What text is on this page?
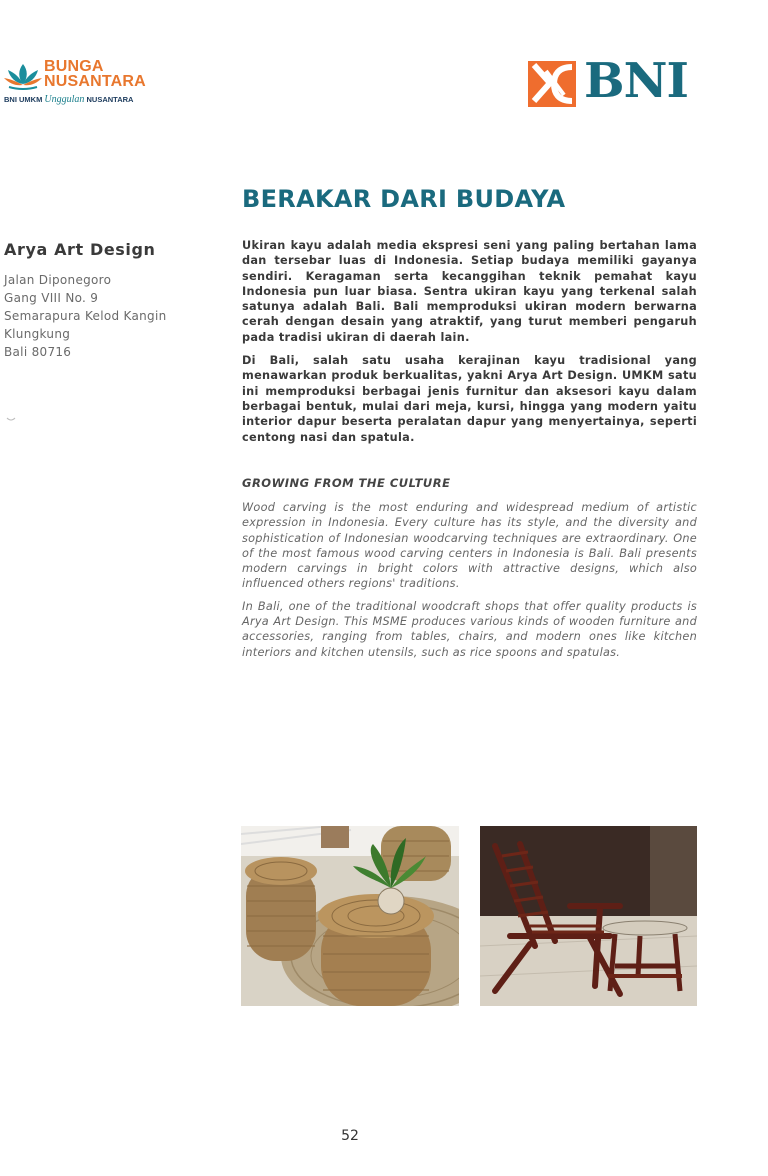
BUNGA
NUSANTARA
BNI UMKM Unggulan NUSANTARA	BNI
Arya Art Design
Jalan Diponegoro
Gang VIII No. 9
Semarapura Kelod Kangin
Klungkung
Bali 80716
BERAKAR DARI BUDAYA

Ukiran kayu adalah media ekspresi seni yang paling bertahan lama dan tersebar luas di Indonesia. Setiap budaya memiliki gayanya sendiri. Keragaman serta kecanggihan teknik pemahat kayu Indonesia pun luar biasa. Sentra ukiran kayu yang terkenal salah satunya adalah Bali. Bali memproduksi ukiran modern berwarna cerah dengan desain yang atraktif, yang turut memberi pengaruh pada tradisi ukiran di daerah lain.

Di Bali, salah satu usaha kerajinan kayu tradisional yang menawarkan produk berkualitas, yakni Arya Art Design. UMKM satu ini memproduksi berbagai jenis furnitur dan aksesori kayu dalam berbagai bentuk, mulai dari meja, kursi, hingga yang modern yaitu interior dapur beserta peralatan dapur yang menyertainya, seperti centong nasi dan spatula.

GROWING FROM THE CULTURE

Wood carving is the most enduring and widespread medium of artistic expression in Indonesia. Every culture has its style, and the diversity and sophistication of Indonesian woodcarving techniques are extraordinary. One of the most famous wood carving centers in Indonesia is Bali. Bali presents modern carvings in bright colors with attractive designs, which also influenced others regions' traditions.

In Bali, one of the traditional woodcraft shops that offer quality products is Arya Art Design. This MSME produces various kinds of wooden furniture and accessories, ranging from tables, chairs, and modern ones like kitchen interiors and kitchen utensils, such as rice spoons and spatulas.

52
